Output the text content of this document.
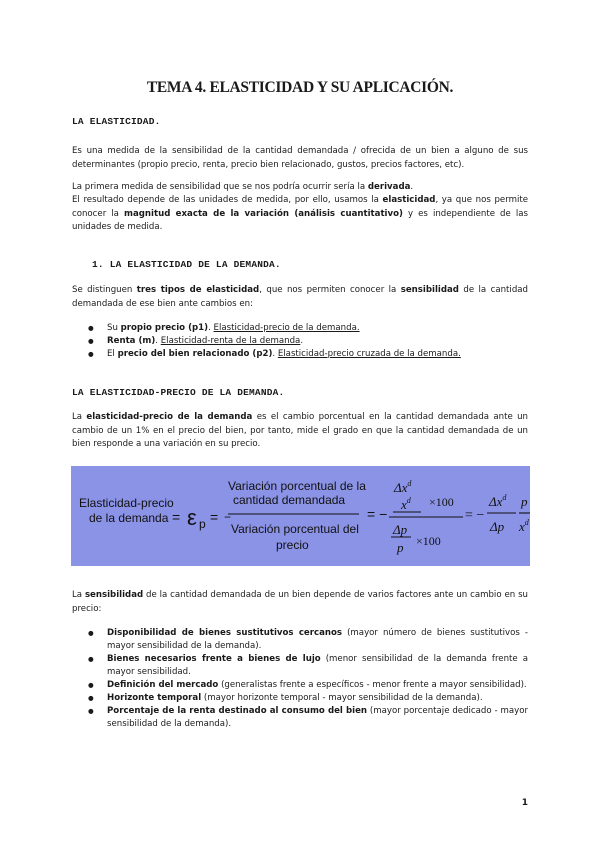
TEMA 4. ELASTICIDAD Y SU APLICACIÓN.
LA ELASTICIDAD.

Es una medida de la sensibilidad de la cantidad demandada / ofrecida de un bien a alguno de sus determinantes (propio precio, renta, precio bien relacionado, gustos, precios factores, etc).

La primera medida de sensibilidad que se nos podría ocurrir sería la derivada.

El resultado depende de las unidades de medida, por ello, usamos la elasticidad, ya que nos permite conocer la magnitud exacta de la variación (análisis cuantitativo) y es independiente de las unidades de medida.

1. LA ELASTICIDAD DE LA DEMANDA.

Se distinguen tres tipos de elasticidad, que nos permiten conocer la sensibilidad de la cantidad demandada de ese bien ante cambios en:

● Su propio precio (p1). Elasticidad-precio de la demanda.
● Renta (m). Elasticidad-renta de la demanda.
● El precio del bien relacionado (p2). Elasticidad-precio cruzada de la demanda.
LA ELASTICIDAD-PRECIO DE LA DEMANDA.

La elasticidad-precio de la demanda es el cambio porcentual en la cantidad demandada ante un cambio de un 1% en el precio del bien, por tanto, mide el grado en que la cantidad demandada de un bien responde a una variación en su precio.

Elasticidad-precio
de la demanda = ε p = −
Variación porcentual de la
cantidad demandada
Variación porcentual del
precio
= −
$\Delta x^d$
$x^d \times 100$
Δp
p ×100
= −
$\Delta x^d$
Δp
p
$x^d$

La sensibilidad de la cantidad demandada de un bien depende de varios factores ante un cambio en su precio:

● Disponibilidad de bienes sustitutivos cercanos (mayor número de bienes sustitutivos - mayor sensibilidad de la demanda).
● Bienes necesarios frente a bienes de lujo (menor sensibilidad de la demanda frente a mayor sensibilidad.
● Definición del mercado (generalistas frente a específicos - menor frente a mayor sensibilidad).
● Horizonte temporal (mayor horizonte temporal - mayor sensibilidad de la demanda).
● Porcentaje de la renta destinado al consumo del bien (mayor porcentaje dedicado - mayor sensibilidad de la demanda).
1
